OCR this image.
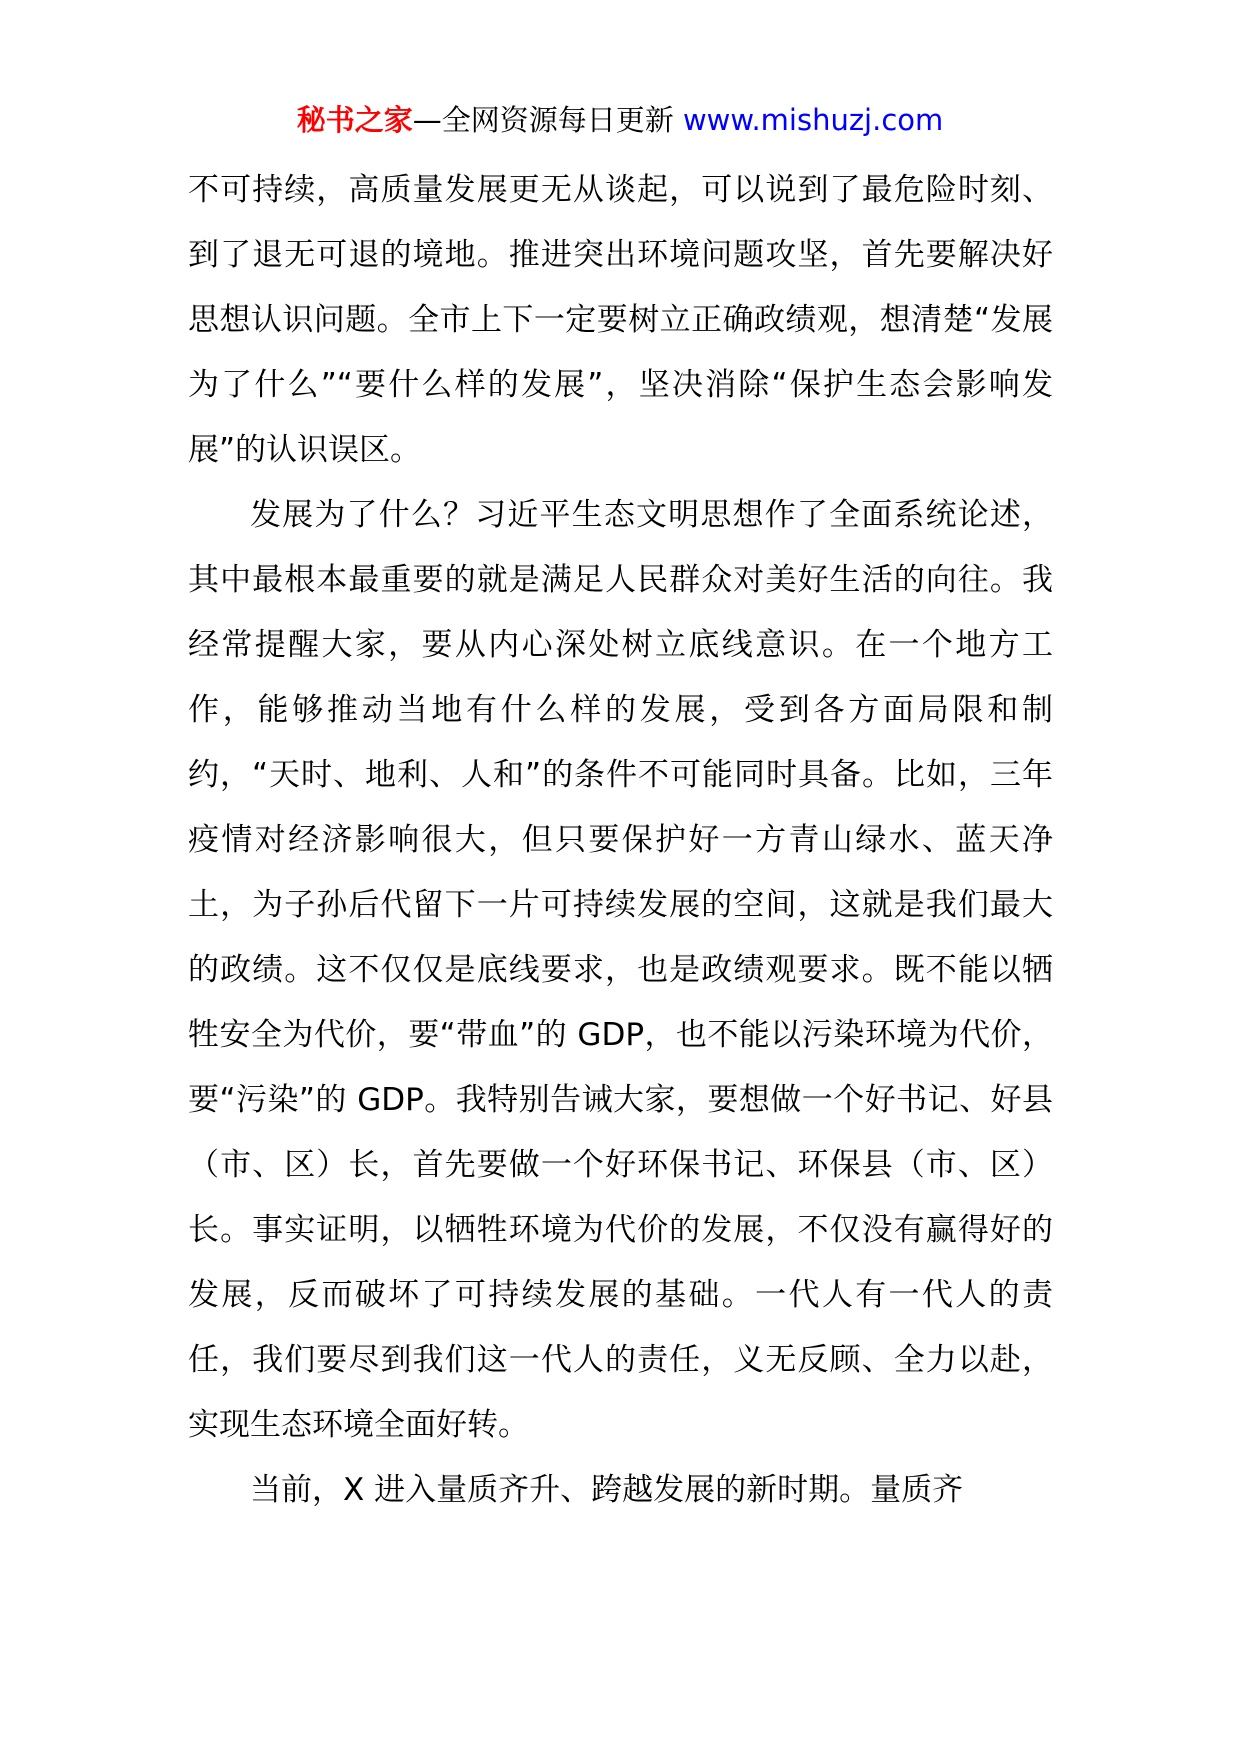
秘书之家—全网资源每日更新 www.mishuzj.com

不可持续，高质量发展更无从谈起，可以说到了最危险时刻、到了退无可退的境地。推进突出环境问题攻坚，首先要解决好思想认识问题。全市上下一定要树立正确政绩观，想清楚“发展为了什么”“要什么样的发展”，坚决消除“保护生态会影响发展”的认识误区。

发展为了什么？习近平生态文明思想作了全面系统论述，其中最根本最重要的就是满足人民群众对美好生活的向往。我经常提醒大家，要从内心深处树立底线意识。在一个地方工作，能够推动当地有什么样的发展，受到各方面局限和制约，“天时、地利、人和”的条件不可能同时具备。比如，三年疫情对经济影响很大，但只要保护好一方青山绿水、蓝天净土，为子孙后代留下一片可持续发展的空间，这就是我们最大的政绩。这不仅仅是底线要求，也是政绩观要求。既不能以牺牲安全为代价，要“带血”的 GDP，也不能以污染环境为代价，要“污染”的 GDP。我特别告诫大家，要想做一个好书记、好县（市、区）长，首先要做一个好环保书记、环保县（市、区）长。事实证明，以牺牲环境为代价的发展，不仅没有赢得好的发展，反而破坏了可持续发展的基础。一代人有一代人的责任，我们要尽到我们这一代人的责任，义无反顾、全力以赴，实现生态环境全面好转。

当前，X 进入量质齐升、跨越发展的新时期。量质齐
